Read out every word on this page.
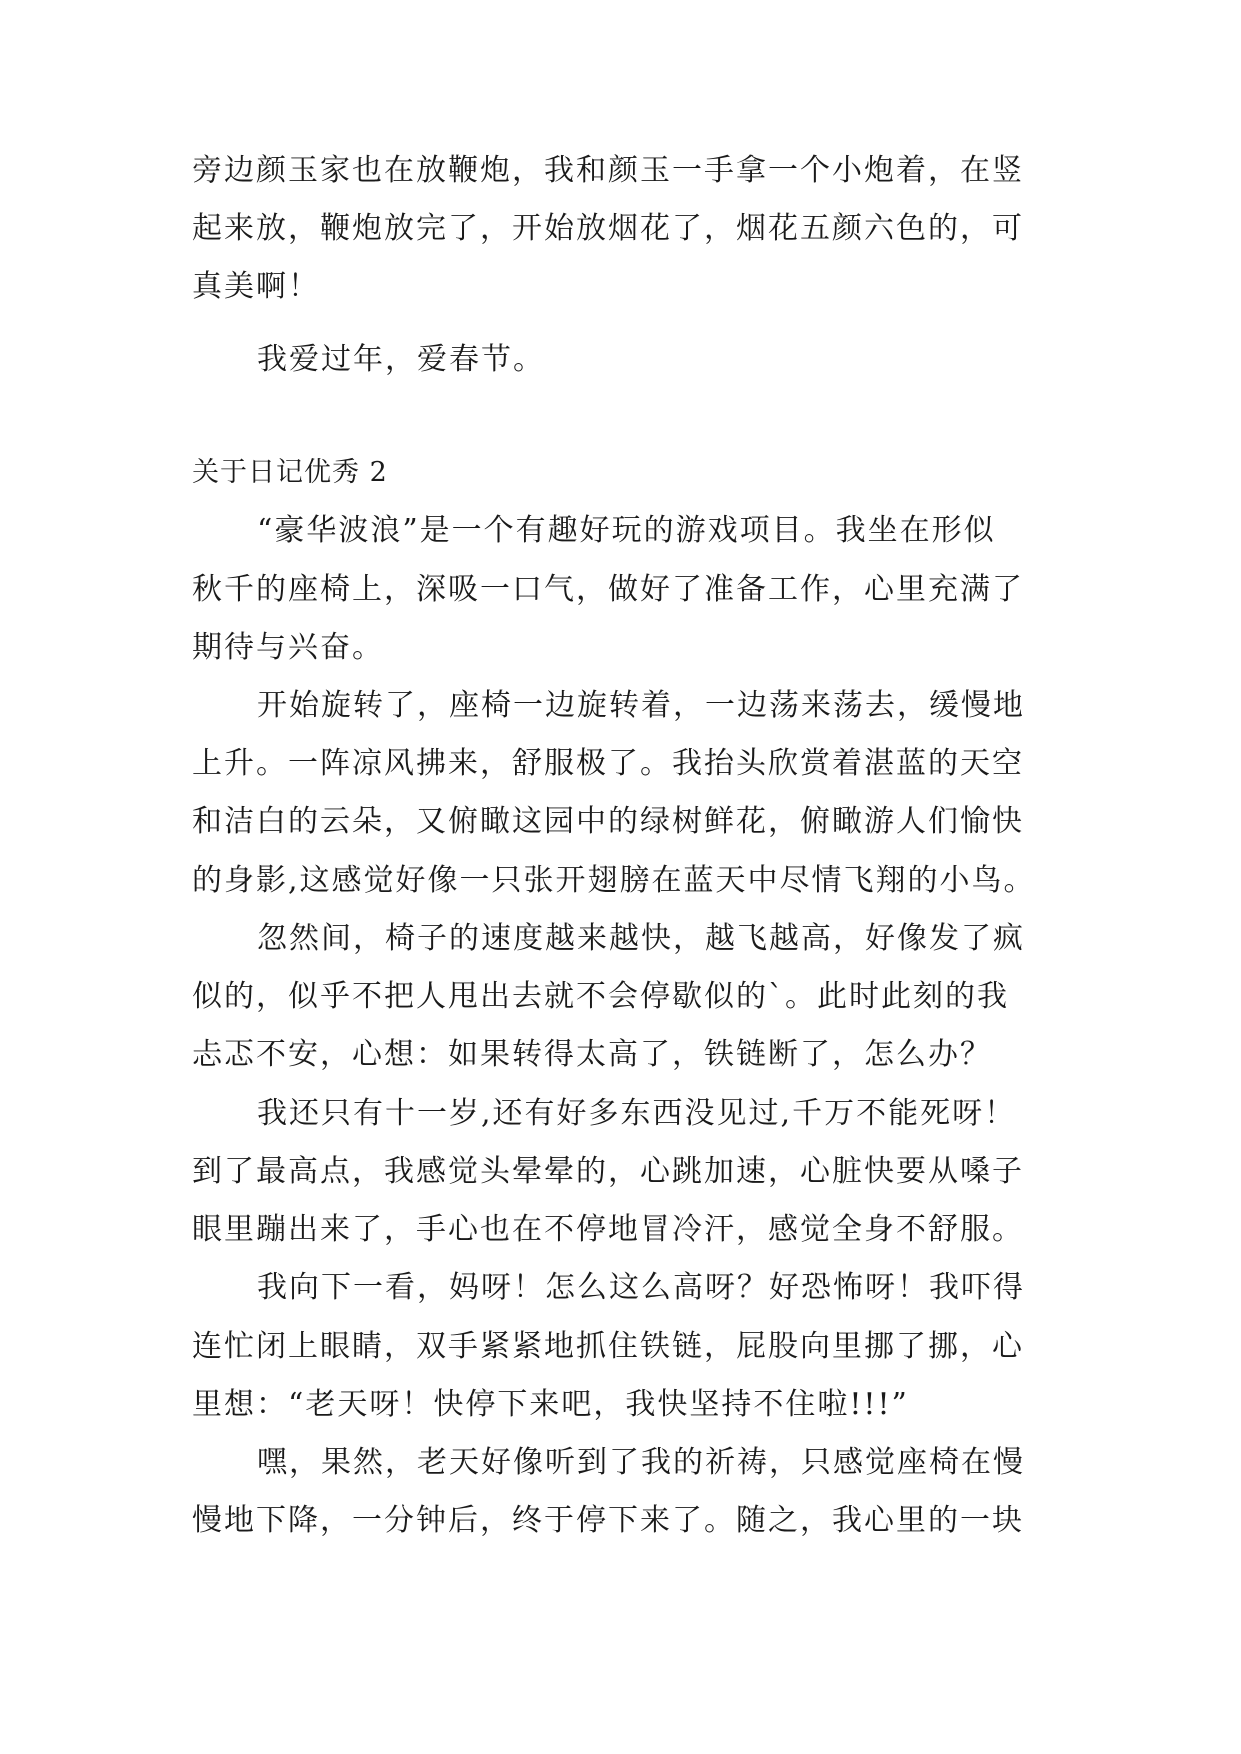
旁边颜玉家也在放鞭炮，我和颜玉一手拿一个小炮着，在竖
起来放，鞭炮放完了，开始放烟花了，烟花五颜六色的，可
真美啊！
我爱过年，爱春节。
关于日记优秀 2
“豪华波浪”是一个有趣好玩的游戏项目。我坐在形似
秋千的座椅上，深吸一口气，做好了准备工作，心里充满了
期待与兴奋。
开始旋转了，座椅一边旋转着，一边荡来荡去，缓慢地
上升。一阵凉风拂来，舒服极了。我抬头欣赏着湛蓝的天空
和洁白的云朵，又俯瞰这园中的绿树鲜花，俯瞰游人们愉快
的身影,这感觉好像一只张开翅膀在蓝天中尽情飞翔的小鸟。
忽然间，椅子的速度越来越快，越飞越高，好像发了疯
似的，似乎不把人甩出去就不会停歇似的`。此时此刻的我
忐忑不安，心想：如果转得太高了，铁链断了，怎么办？
我还只有十一岁,还有好多东西没见过,千万不能死呀！
到了最高点，我感觉头晕晕的，心跳加速，心脏快要从嗓子
眼里蹦出来了，手心也在不停地冒冷汗，感觉全身不舒服。
我向下一看，妈呀！怎么这么高呀？好恐怖呀！我吓得
连忙闭上眼睛，双手紧紧地抓住铁链，屁股向里挪了挪，心
里想：“老天呀！快停下来吧，我快坚持不住啦!!!”
嘿，果然，老天好像听到了我的祈祷，只感觉座椅在慢
慢地下降，一分钟后，终于停下来了。随之，我心里的一块
